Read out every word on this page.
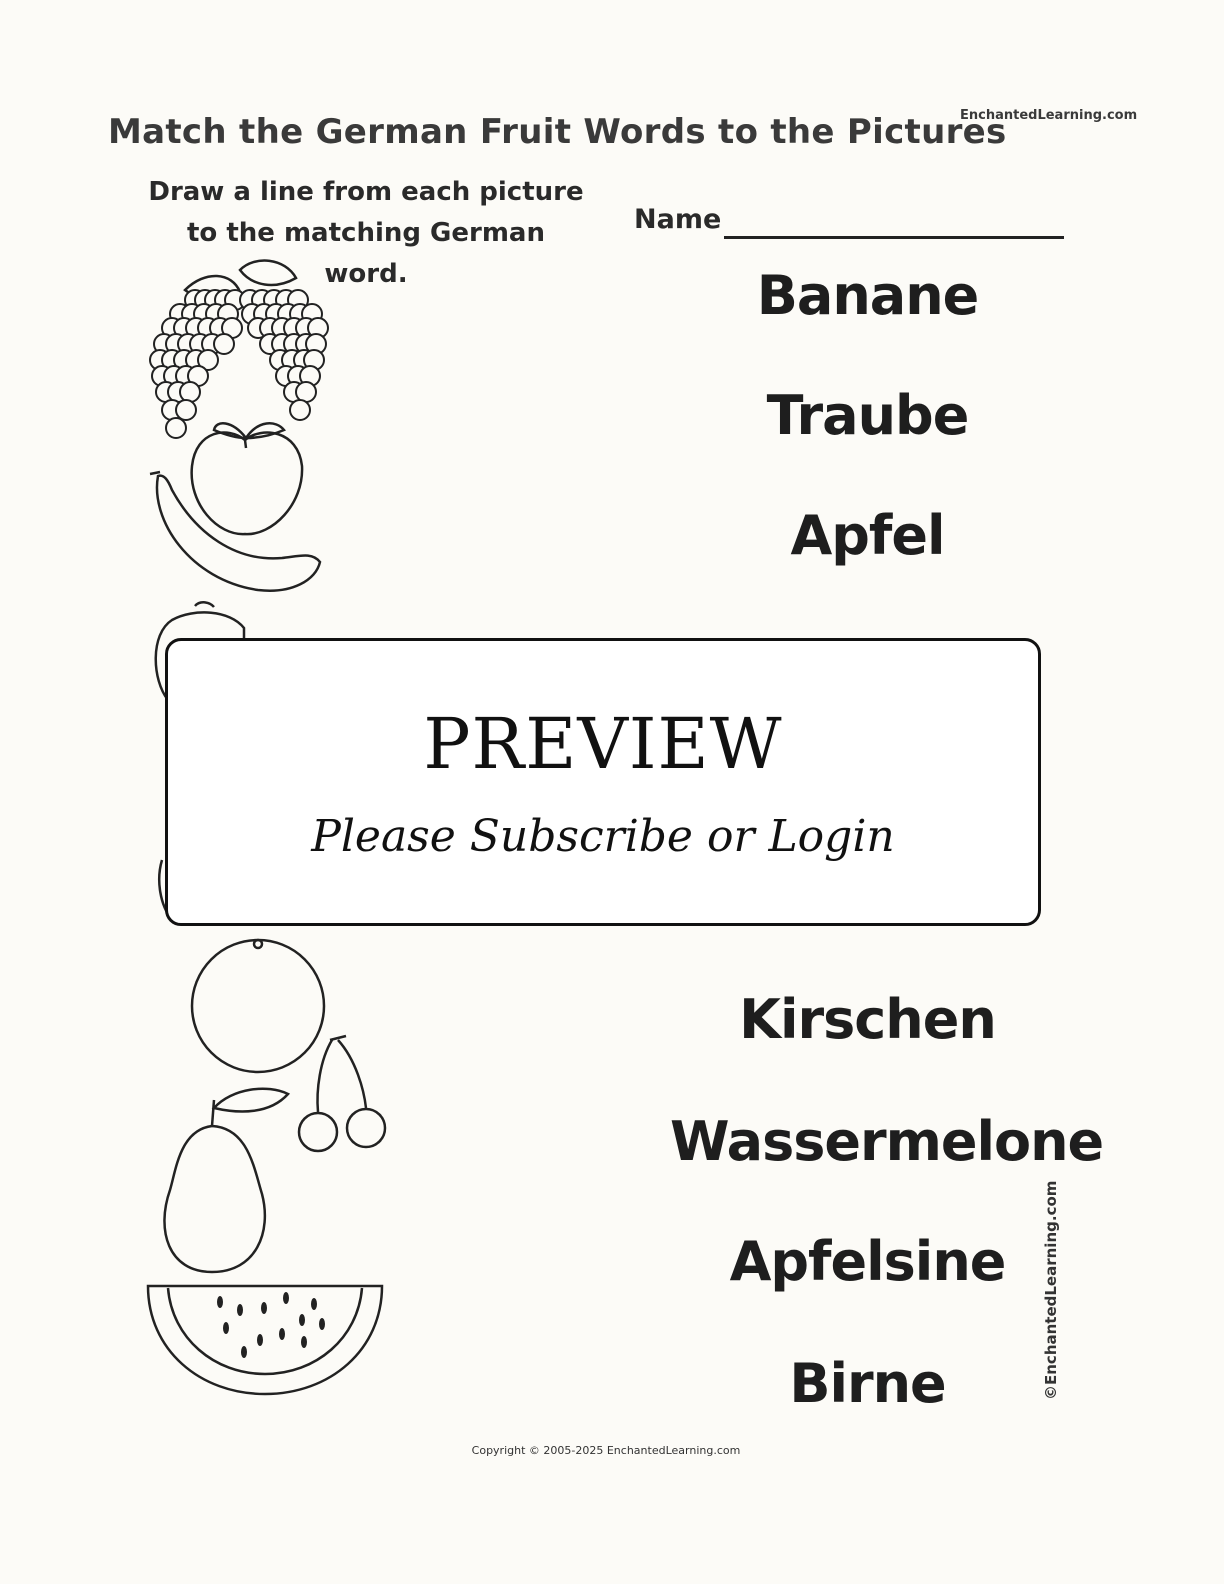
Match the German Fruit Words to the Pictures
EnchantedLearning.com
Draw a line from each picture
to the matching German word.
Name
Banane
Traube
Apfel
Kirschen
Wassermelone
Apfelsine
Birne
PREVIEW
Please Subscribe or Login
©EnchantedLearning.com
Copyright © 2005-2025 EnchantedLearning.com
